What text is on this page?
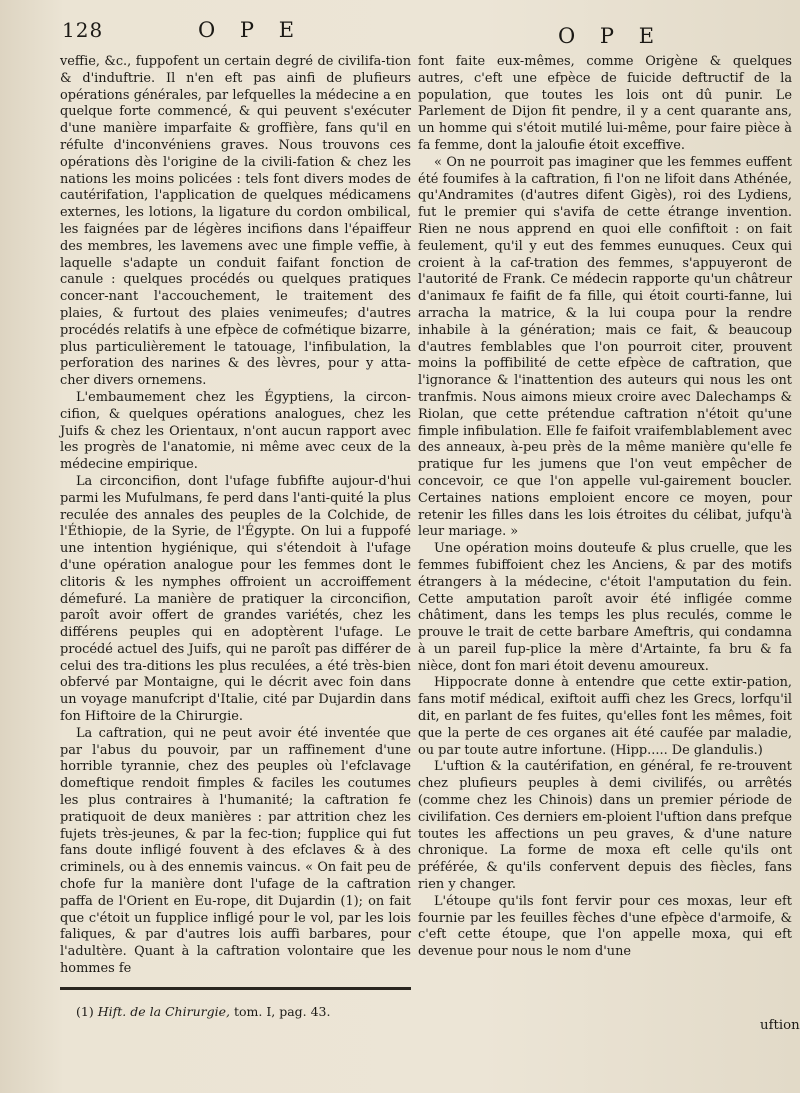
128	O P E	O P E

veffie, &c., fuppofent un certain degré de civilifa-tion & d'induftrie. Il n'en eft pas ainfi de plufieurs opérations générales, par lefquelles la médecine a en quelque forte commencé, & qui peuvent s'exécuter d'une manière imparfaite & groffière, fans qu'il en réfulte d'inconvéniens graves. Nous trouvons ces opérations dès l'origine de la civili-fation & chez les nations les moins policées : tels font divers modes de cautérifation, l'application de quelques médicamens externes, les lotions, la ligature du cordon ombilical, les faignées par de légères incifions dans l'épaiffeur des membres, les lavemens avec une fimple veffie, à laquelle s'adapte un conduit faifant fonction de canule : quelques procédés ou quelques pratiques concer-nant l'accouchement, le traitement des plaies, & furtout des plaies venimeufes; d'autres procédés relatifs à une efpèce de cofmétique bizarre, plus particulièrement le tatouage, l'infibulation, la perforation des narines & des lèvres, pour y atta-cher divers ornemens.

L'embaumement chez les Égyptiens, la circon-cifion, & quelques opérations analogues, chez les Juifs & chez les Orientaux, n'ont aucun rapport avec les progrès de l'anatomie, ni même avec ceux de la médecine empirique.

La circoncifion, dont l'ufage fubfifte aujour-d'hui parmi les Mufulmans, fe perd dans l'anti-quité la plus reculée des annales des peuples de la Colchide, de l'Éthiopie, de la Syrie, de l'Égypte. On lui a fuppofé une intention hygiénique, qui s'étendoit à l'ufage d'une opération analogue pour les femmes dont le clitoris & les nymphes offroient un accroiffement démefuré. La manière de pratiquer la circoncifion, paroît avoir offert de grandes variétés, chez les différens peuples qui en adoptèrent l'ufage. Le procédé actuel des Juifs, qui ne paroît pas différer de celui des tra-ditions les plus reculées, a été très-bien obfervé par Montaigne, qui le décrit avec foin dans un voyage manufcript d'Italie, cité par Dujardin dans fon Hiftoire de la Chirurgie.

La caftration, qui ne peut avoir été inventée que par l'abus du pouvoir, par un raffinement d'une horrible tyrannie, chez des peuples où l'efclavage domeftique rendoit fimples & faciles les coutumes les plus contraires à l'humanité; la caftration fe pratiquoit de deux manières : par attrition chez les fujets très-jeunes, & par la fec-tion; fupplice qui fut fans doute infligé fouvent à des efclaves & à des criminels, ou à des ennemis vaincus. « On fait peu de chofe fur la manière dont l'ufage de la caftration paffa de l'Orient en Eu-rope, dit Dujardin (1); on fait que c'étoit un fupplice infligé pour le vol, par les lois faliques, & par d'autres lois auffi barbares, pour l'adultère. Quant à la caftration volontaire que les hommes fe

font faite eux-mêmes, comme Origène & quelques autres, c'eft une efpèce de fuicide deftructif de la population, que toutes les lois ont dû punir. Le Parlement de Dijon fit pendre, il y a cent quarante ans, un homme qui s'étoit mutilé lui-même, pour faire pièce à fa femme, dont la jaloufie étoit exceffive.

« On ne pourroit pas imaginer que les femmes euffent été foumifes à la caftration, fi l'on ne lifoit dans Athénée, qu'Andramites (d'autres difent Gigès), roi des Lydiens, fut le premier qui s'avifa de cette étrange invention. Rien ne nous apprend en quoi elle confiftoit : on fait feulement, qu'il y eut des femmes eunuques. Ceux qui croient à la caf-tration des femmes, s'appuyeront de l'autorité de Frank. Ce médecin rapporte qu'un châtreur d'animaux fe faifit de fa fille, qui étoit courti-fanne, lui arracha la matrice, & la lui coupa pour la rendre inhabile à la génération; mais ce fait, & beaucoup d'autres femblables que l'on pourroit citer, prouvent moins la poffibilité de cette efpèce de caftration, que l'ignorance & l'inattention des auteurs qui nous les ont tranfmis. Nous aimons mieux croire avec Dalechamps & Riolan, que cette prétendue caftration n'étoit qu'une fimple infibulation. Elle fe faifoit vraifemblablement avec des anneaux, à-peu près de la même manière qu'elle fe pratique fur les jumens que l'on veut empêcher de concevoir, ce que l'on appelle vul-gairement boucler. Certaines nations emploient encore ce moyen, pour retenir les filles dans les lois étroites du célibat, jufqu'à leur mariage. »

Une opération moins douteufe & plus cruelle, que les femmes fubiffoient chez les Anciens, & par des motifs étrangers à la médecine, c'étoit l'amputation du fein. Cette amputation paroît avoir été infligée comme châtiment, dans les temps les plus reculés, comme le prouve le trait de cette barbare Ameftris, qui condamna à un pareil fup-plice la mère d'Artainte, fa bru & fa nièce, dont fon mari étoit devenu amoureux.

Hippocrate donne à entendre que cette extir-pation, fans motif médical, exiftoit auffi chez les Grecs, lorfqu'il dit, en parlant de fes fuites, qu'elles font les mêmes, foit que la perte de ces organes ait été caufée par maladie, ou par toute autre infortune. (Hipp..... De glandulis.)

L'uftion & la cautérifation, en général, fe re-trouvent chez plufieurs peuples à demi civilifés, ou arrêtés (comme chez les Chinois) dans un premier période de civilifation. Ces derniers em-ploient l'uftion dans prefque toutes les affections un peu graves, & d'une nature chronique. La forme de moxa eft celle qu'ils ont préférée, & qu'ils confervent depuis des fiècles, fans rien y changer.

L'étoupe qu'ils font fervir pour ces moxas, leur eft fournie par les feuilles fèches d'une efpèce d'armoife, & c'eft cette étoupe, que l'on appelle moxa, qui eft devenue pour nous le nom d'une

uftion
(1) Hift. de la Chirurgie, tom. I, pag. 43.
